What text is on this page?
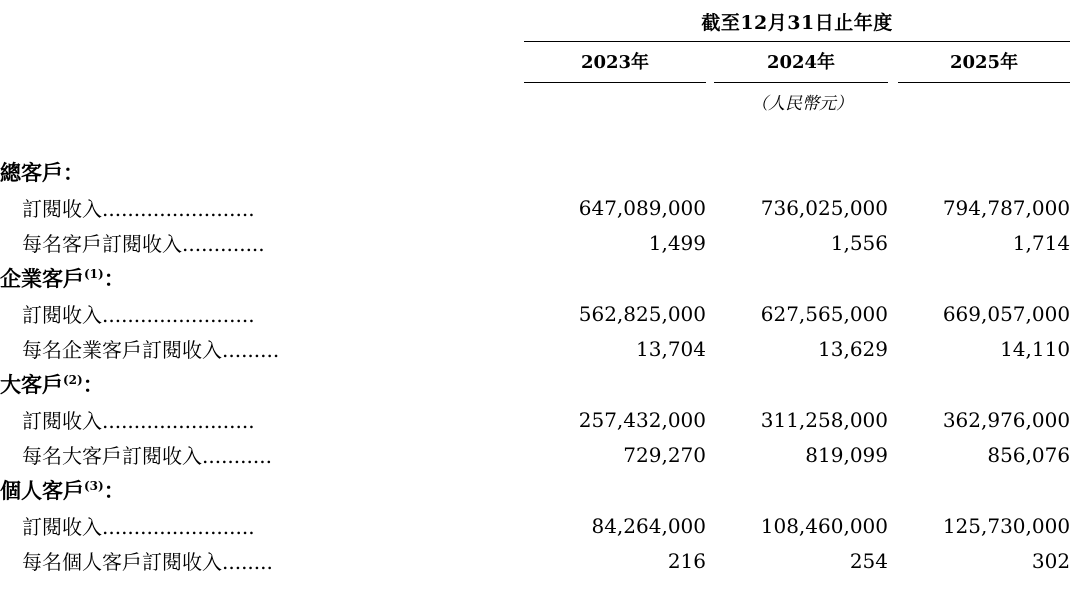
	截至12月31日止年度				

	2023年		2024年		2025年
		（人民幣元）			

總客戶：					
訂閱收入........................	647,089,000		736,025,000		794,787,000
每名客戶訂閱收入.............	1,499		1,556		1,714
企業客戶$^{(1)}$：					
訂閱收入........................	562,825,000		627,565,000		669,057,000
每名企業客戶訂閱收入.........	13,704		13,629		14,110
大客戶$^{(2)}$：					
訂閱收入........................	257,432,000		311,258,000		362,976,000
每名大客戶訂閱收入...........	729,270		819,099		856,076
個人客戶$^{(3)}$：					
訂閱收入........................	84,264,000		108,460,000		125,730,000
每名個人客戶訂閱收入........	216		254		302
